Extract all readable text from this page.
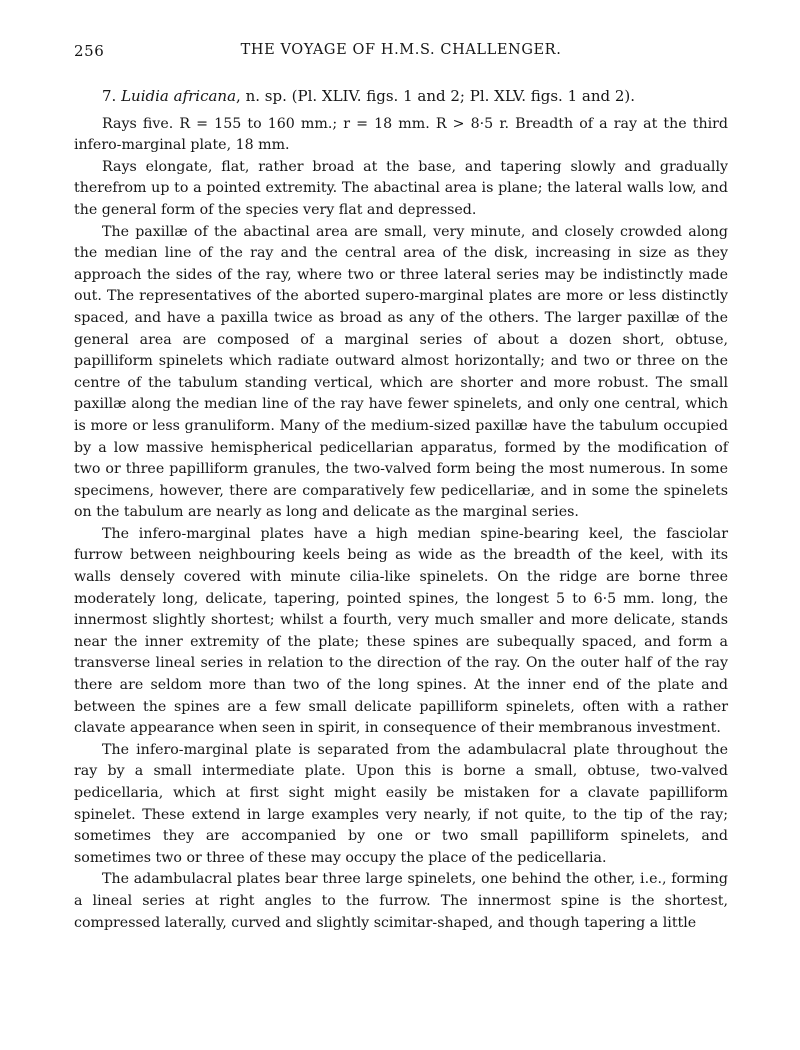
256	THE VOYAGE OF H.M.S. CHALLENGER.
7. Luidia africana, n. sp. (Pl. XLIV. figs. 1 and 2; Pl. XLV. figs. 1 and 2).

Rays five. R = 155 to 160 mm.; r = 18 mm. R > 8·5 r. Breadth of a ray at the third infero-marginal plate, 18 mm.

Rays elongate, flat, rather broad at the base, and tapering slowly and gradually therefrom up to a pointed extremity. The abactinal area is plane; the lateral walls low, and the general form of the species very flat and depressed.

The paxillæ of the abactinal area are small, very minute, and closely crowded along the median line of the ray and the central area of the disk, increasing in size as they approach the sides of the ray, where two or three lateral series may be indistinctly made out. The representatives of the aborted supero-marginal plates are more or less distinctly spaced, and have a paxilla twice as broad as any of the others. The larger paxillæ of the general area are composed of a marginal series of about a dozen short, obtuse, papilliform spinelets which radiate outward almost horizontally; and two or three on the centre of the tabulum standing vertical, which are shorter and more robust. The small paxillæ along the median line of the ray have fewer spinelets, and only one central, which is more or less granuliform. Many of the medium-sized paxillæ have the tabulum occupied by a low massive hemispherical pedicellarian apparatus, formed by the modification of two or three papilliform granules, the two-valved form being the most numerous. In some specimens, however, there are comparatively few pedicellariæ, and in some the spinelets on the tabulum are nearly as long and delicate as the marginal series.

The infero-marginal plates have a high median spine-bearing keel, the fasciolar furrow between neighbouring keels being as wide as the breadth of the keel, with its walls densely covered with minute cilia-like spinelets. On the ridge are borne three moderately long, delicate, tapering, pointed spines, the longest 5 to 6·5 mm. long, the innermost slightly shortest; whilst a fourth, very much smaller and more delicate, stands near the inner extremity of the plate; these spines are subequally spaced, and form a transverse lineal series in relation to the direction of the ray. On the outer half of the ray there are seldom more than two of the long spines. At the inner end of the plate and between the spines are a few small delicate papilliform spinelets, often with a rather clavate appearance when seen in spirit, in consequence of their membranous investment.

The infero-marginal plate is separated from the adambulacral plate throughout the ray by a small intermediate plate. Upon this is borne a small, obtuse, two-valved pedicellaria, which at first sight might easily be mistaken for a clavate papilliform spinelet. These extend in large examples very nearly, if not quite, to the tip of the ray; sometimes they are accompanied by one or two small papilliform spinelets, and sometimes two or three of these may occupy the place of the pedicellaria.

The adambulacral plates bear three large spinelets, one behind the other, i.e., forming a lineal series at right angles to the furrow. The innermost spine is the shortest, compressed laterally, curved and slightly scimitar-shaped, and though tapering a little
